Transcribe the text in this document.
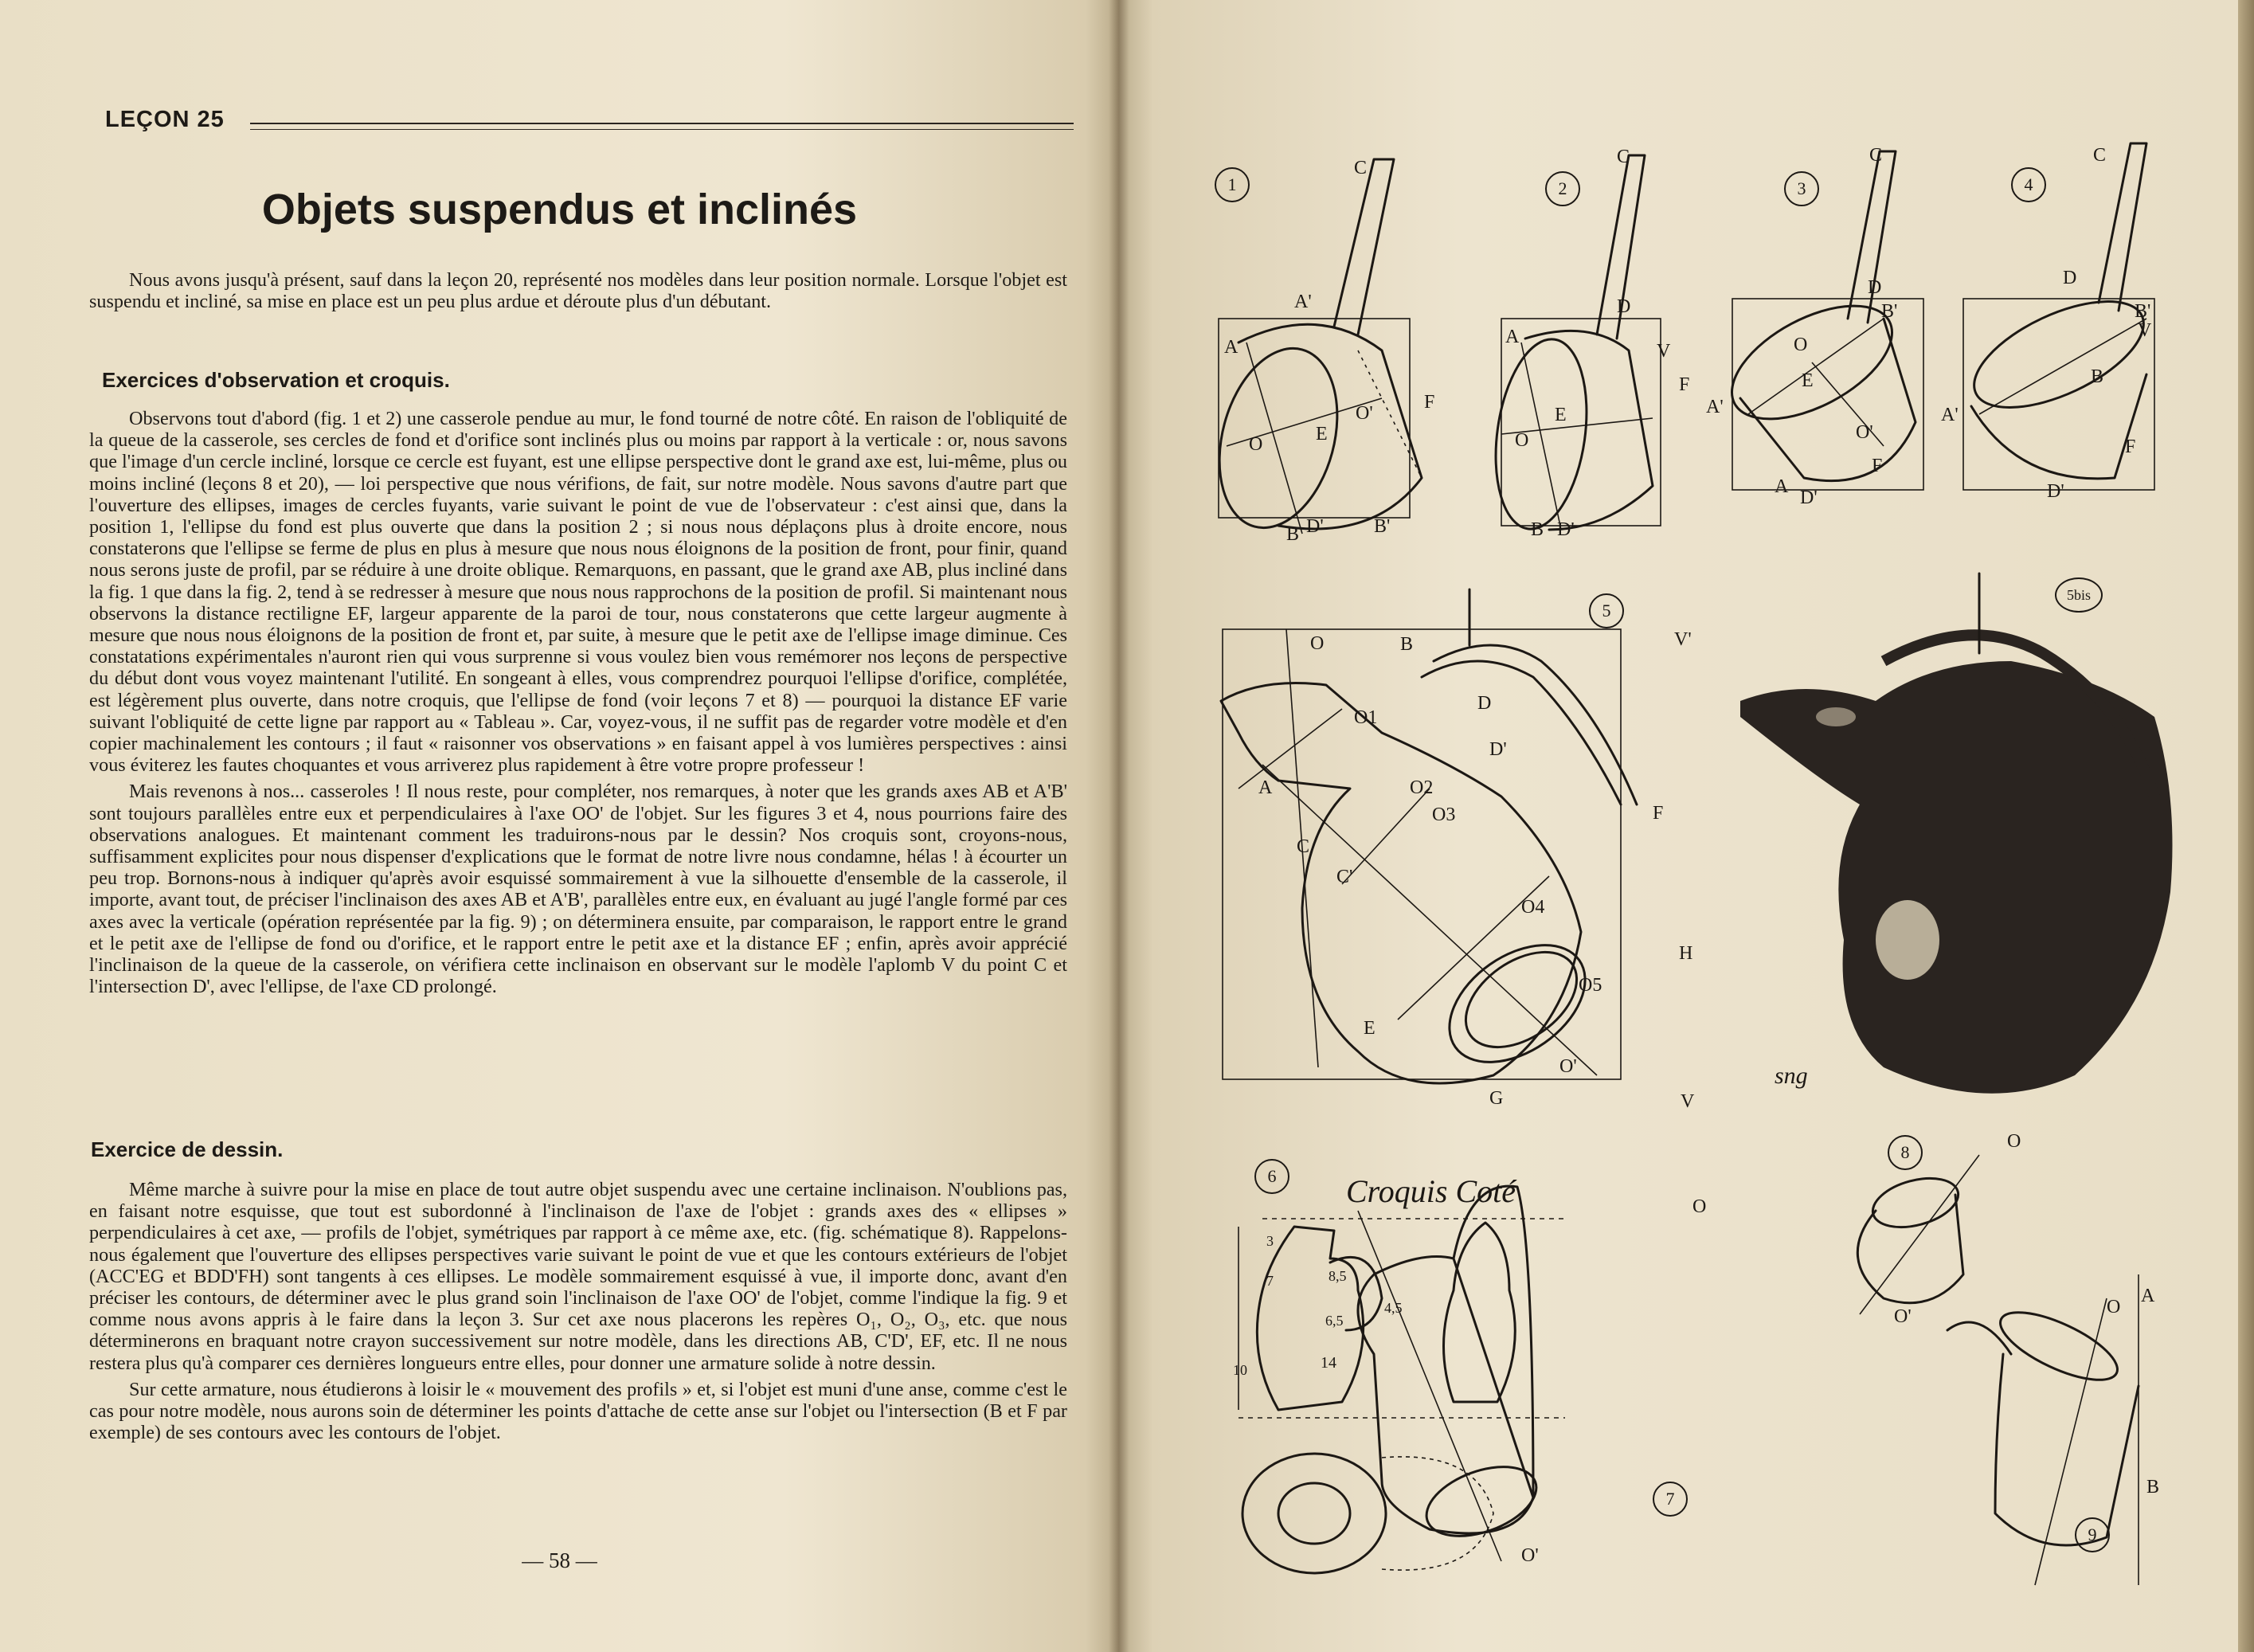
LEÇON 25
Objets suspendus et inclinés

Nous avons jusqu'à présent, sauf dans la leçon 20, représenté nos modèles dans leur position normale. Lorsque l'objet est suspendu et incliné, sa mise en place est un peu plus ardue et déroute plus d'un débutant.

Exercices d'observation et croquis.

Observons tout d'abord (fig. 1 et 2) une casserole pendue au mur, le fond tourné de notre côté. En raison de l'obliquité de la queue de la casserole, ses cercles de fond et d'orifice sont inclinés plus ou moins par rapport à la verticale : or, nous savons que l'image d'un cercle incliné, lorsque ce cercle est fuyant, est une ellipse perspective dont le grand axe est, lui-même, plus ou moins incliné (leçons 8 et 20), — loi perspective que nous vérifions, de fait, sur notre modèle. Nous savons d'autre part que l'ouverture des ellipses, images de cercles fuyants, varie suivant le point de vue de l'observateur : c'est ainsi que, dans la position 1, l'ellipse du fond est plus ouverte que dans la position 2 ; si nous nous déplaçons plus à droite encore, nous constaterons que l'ellipse se ferme de plus en plus à mesure que nous nous éloignons de la position de front, pour finir, quand nous serons juste de profil, par se réduire à une droite oblique. Remarquons, en passant, que le grand axe AB, plus incliné dans la fig. 1 que dans la fig. 2, tend à se redresser à mesure que nous nous rapprochons de la position de profil. Si maintenant nous observons la distance rectiligne EF, largeur apparente de la paroi de tour, nous constaterons que cette largeur augmente à mesure que nous nous éloignons de la position de front et, par suite, à mesure que le petit axe de l'ellipse image diminue. Ces constatations expérimentales n'auront rien qui vous surprenne si vous voulez bien vous remémorer nos leçons de perspective du début dont vous voyez maintenant l'utilité. En songeant à elles, vous comprendrez pourquoi l'ellipse d'orifice, complétée, est légèrement plus ouverte, dans notre croquis, que l'ellipse de fond (voir leçons 7 et 8) — pourquoi la distance EF varie suivant l'obliquité de cette ligne par rapport au « Tableau ». Car, voyez-vous, il ne suffit pas de regarder votre modèle et d'en copier machinalement les contours ; il faut « raisonner vos observations » en faisant appel à vos lumières perspectives : ainsi vous éviterez les fautes choquantes et vous arriverez plus rapidement à être votre propre professeur !

Mais revenons à nos... casseroles ! Il nous reste, pour compléter, nos remarques, à noter que les grands axes AB et A'B' sont toujours parallèles entre eux et perpendiculaires à l'axe OO' de l'objet. Sur les figures 3 et 4, nous pourrions faire des observations analogues. Et maintenant comment les traduirons-nous par le dessin? Nos croquis sont, croyons-nous, suffisamment explicites pour nous dispenser d'explications que le format de notre livre nous condamne, hélas ! à écourter un peu trop. Bornons-nous à indiquer qu'après avoir esquissé sommairement à vue la silhouette d'ensemble de la casserole, il importe, avant tout, de préciser l'inclinaison des axes AB et A'B', parallèles entre eux, en évaluant au jugé l'angle formé par ces axes avec la verticale (opération représentée par la fig. 9) ; on déterminera ensuite, par comparaison, le rapport entre le grand et le petit axe de l'ellipse de fond ou d'orifice, et le rapport entre le petit axe et la distance EF ; enfin, après avoir apprécié l'inclinaison de la queue de la casserole, on vérifiera cette inclinaison en observant sur le modèle l'aplomb V du point C et l'intersection D', avec l'ellipse, de l'axe CD prolongé.

Exercice de dessin.

Même marche à suivre pour la mise en place de tout autre objet suspendu avec une certaine inclinaison. N'oublions pas, en faisant notre esquisse, que tout est subordonné à l'inclinaison de l'axe de l'objet : grands axes des « ellipses » perpendiculaires à cet axe, — profils de l'objet, symétriques par rapport à ce même axe, etc. (fig. schématique 8). Rappelons-nous également que l'ouverture des ellipses perspectives varie suivant le point de vue et que les contours extérieurs de l'objet (ACC'EG et BDD'FH) sont tangents à ces ellipses. Le modèle sommairement esquissé à vue, il importe donc, avant d'en préciser les contours, de déterminer avec le plus grand soin l'inclinaison de l'axe OO' de l'objet, comme l'indique la fig. 9 et comme nous avons appris à le faire dans la leçon 3. Sur cet axe nous placerons les repères O₁, O₂, O₃, etc. que nous déterminerons en braquant notre crayon successivement sur notre modèle, dans les directions AB, C'D', EF, etc. Il ne nous restera plus qu'à comparer ces dernières longueurs entre elles, pour donner une armature solide à notre dessin.

Sur cette armature, nous étudierons à loisir le « mouvement des profils » et, si l'objet est muni d'une anse, comme c'est le cas pour notre modèle, nous aurons soin de déterminer les points d'attache de cette anse sur l'objet ou l'intersection (B et F par exemple) de ses contours avec les contours de l'objet.

— 58 —
1	2	3	4
5
5bis
6
7
8
9
Croquis Coté
sng
C
A'
A
O	E
O'
F
B D'	B'
C
D
A
E
O
F
V
B D'
C
D
B'
O
E
A'
O'
F
A
D'
C
D
B'
V
B
A'
F
D'
O	B	V'
O1
D
A
D'
O2
O3
C
C'
F
O4
H
O5
E
O'
G	V
3
7	8,5
4,5
6,5
14
10
O
O'
O
O'	O
A
B
